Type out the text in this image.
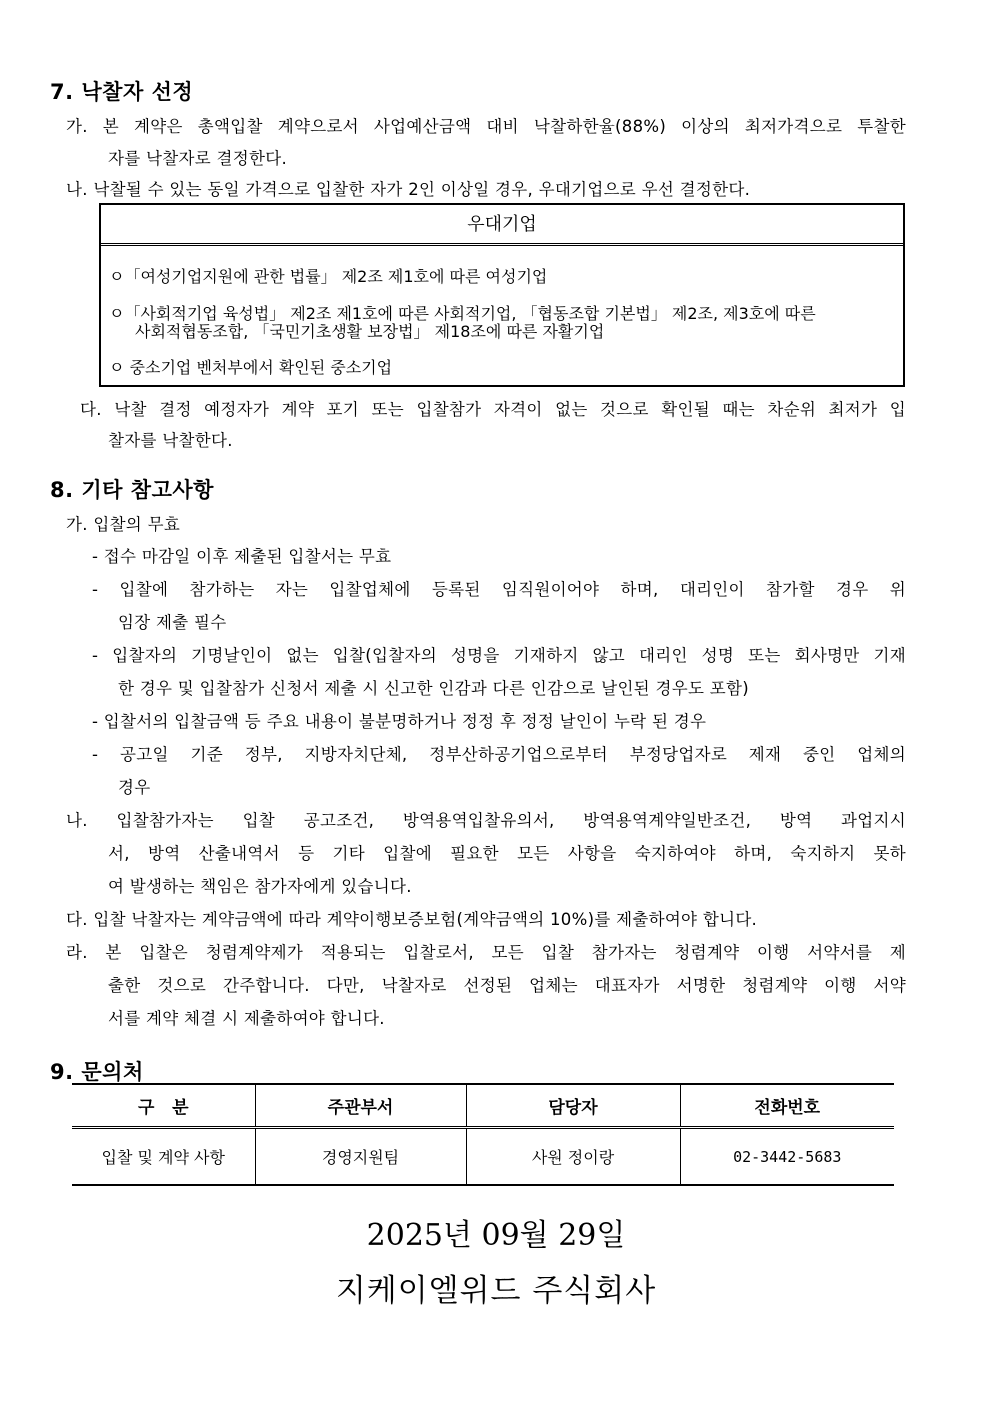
7. 낙찰자 선정
가. 본 계약은 총액입찰 계약으로서 사업예산금액 대비 낙찰하한율(88%) 이상의 최저가격으로 투찰한
자를 낙찰자로 결정한다.
나. 낙찰될 수 있는 동일 가격으로 입찰한 자가 2인 이상일 경우, 우대기업으로 우선 결정한다.
우대기업
ㅇ「여성기업지원에 관한 법률」 제2조 제1호에 따른 여성기업
ㅇ「사회적기업 육성법」 제2조 제1호에 따른 사회적기업, 「협동조합 기본법」 제2조, 제3호에 따른
사회적협동조합, 「국민기초생활 보장법」 제18조에 따른 자활기업
ㅇ 중소기업 벤처부에서 확인된 중소기업
다. 낙찰 결정 예정자가 계약 포기 또는 입찰참가 자격이 없는 것으로 확인될 때는 차순위 최저가 입
찰자를 낙찰한다.
8. 기타 참고사항
가. 입찰의 무효
- 접수 마감일 이후 제출된 입찰서는 무효
- 입찰에 참가하는 자는 입찰업체에 등록된 임직원이어야 하며, 대리인이 참가할 경우 위
임장 제출 필수
- 입찰자의 기명날인이 없는 입찰(입찰자의 성명을 기재하지 않고 대리인 성명 또는 회사명만 기재
한 경우 및 입찰참가 신청서 제출 시 신고한 인감과 다른 인감으로 날인된 경우도 포함)
- 입찰서의 입찰금액 등 주요 내용이 불분명하거나 정정 후 정정 날인이 누락 된 경우
- 공고일 기준 정부, 지방자치단체, 정부산하공기업으로부터 부정당업자로 제재 중인 업체의
경우
나. 입찰참가자는 입찰 공고조건, 방역용역입찰유의서, 방역용역계약일반조건, 방역 과업지시
서, 방역 산출내역서 등 기타 입찰에 필요한 모든 사항을 숙지하여야 하며, 숙지하지 못하
여 발생하는 책임은 참가자에게 있습니다.
다. 입찰 낙찰자는 계약금액에 따라 계약이행보증보험(계약금액의 10%)를 제출하여야 합니다.
라. 본 입찰은 청렴계약제가 적용되는 입찰로서, 모든 입찰 참가자는 청렴계약 이행 서약서를 제
출한 것으로 간주합니다. 다만, 낙찰자로 선정된 업체는 대표자가 서명한 청렴계약 이행 서약
서를 계약 체결 시 제출하여야 합니다.
9. 문의처
구   분	주관부서	담당자	전화번호
입찰 및 계약 사항	경영지원팀	사원 정이랑	02-3442-5683
2025년 09월 29일
지케이엘위드 주식회사
